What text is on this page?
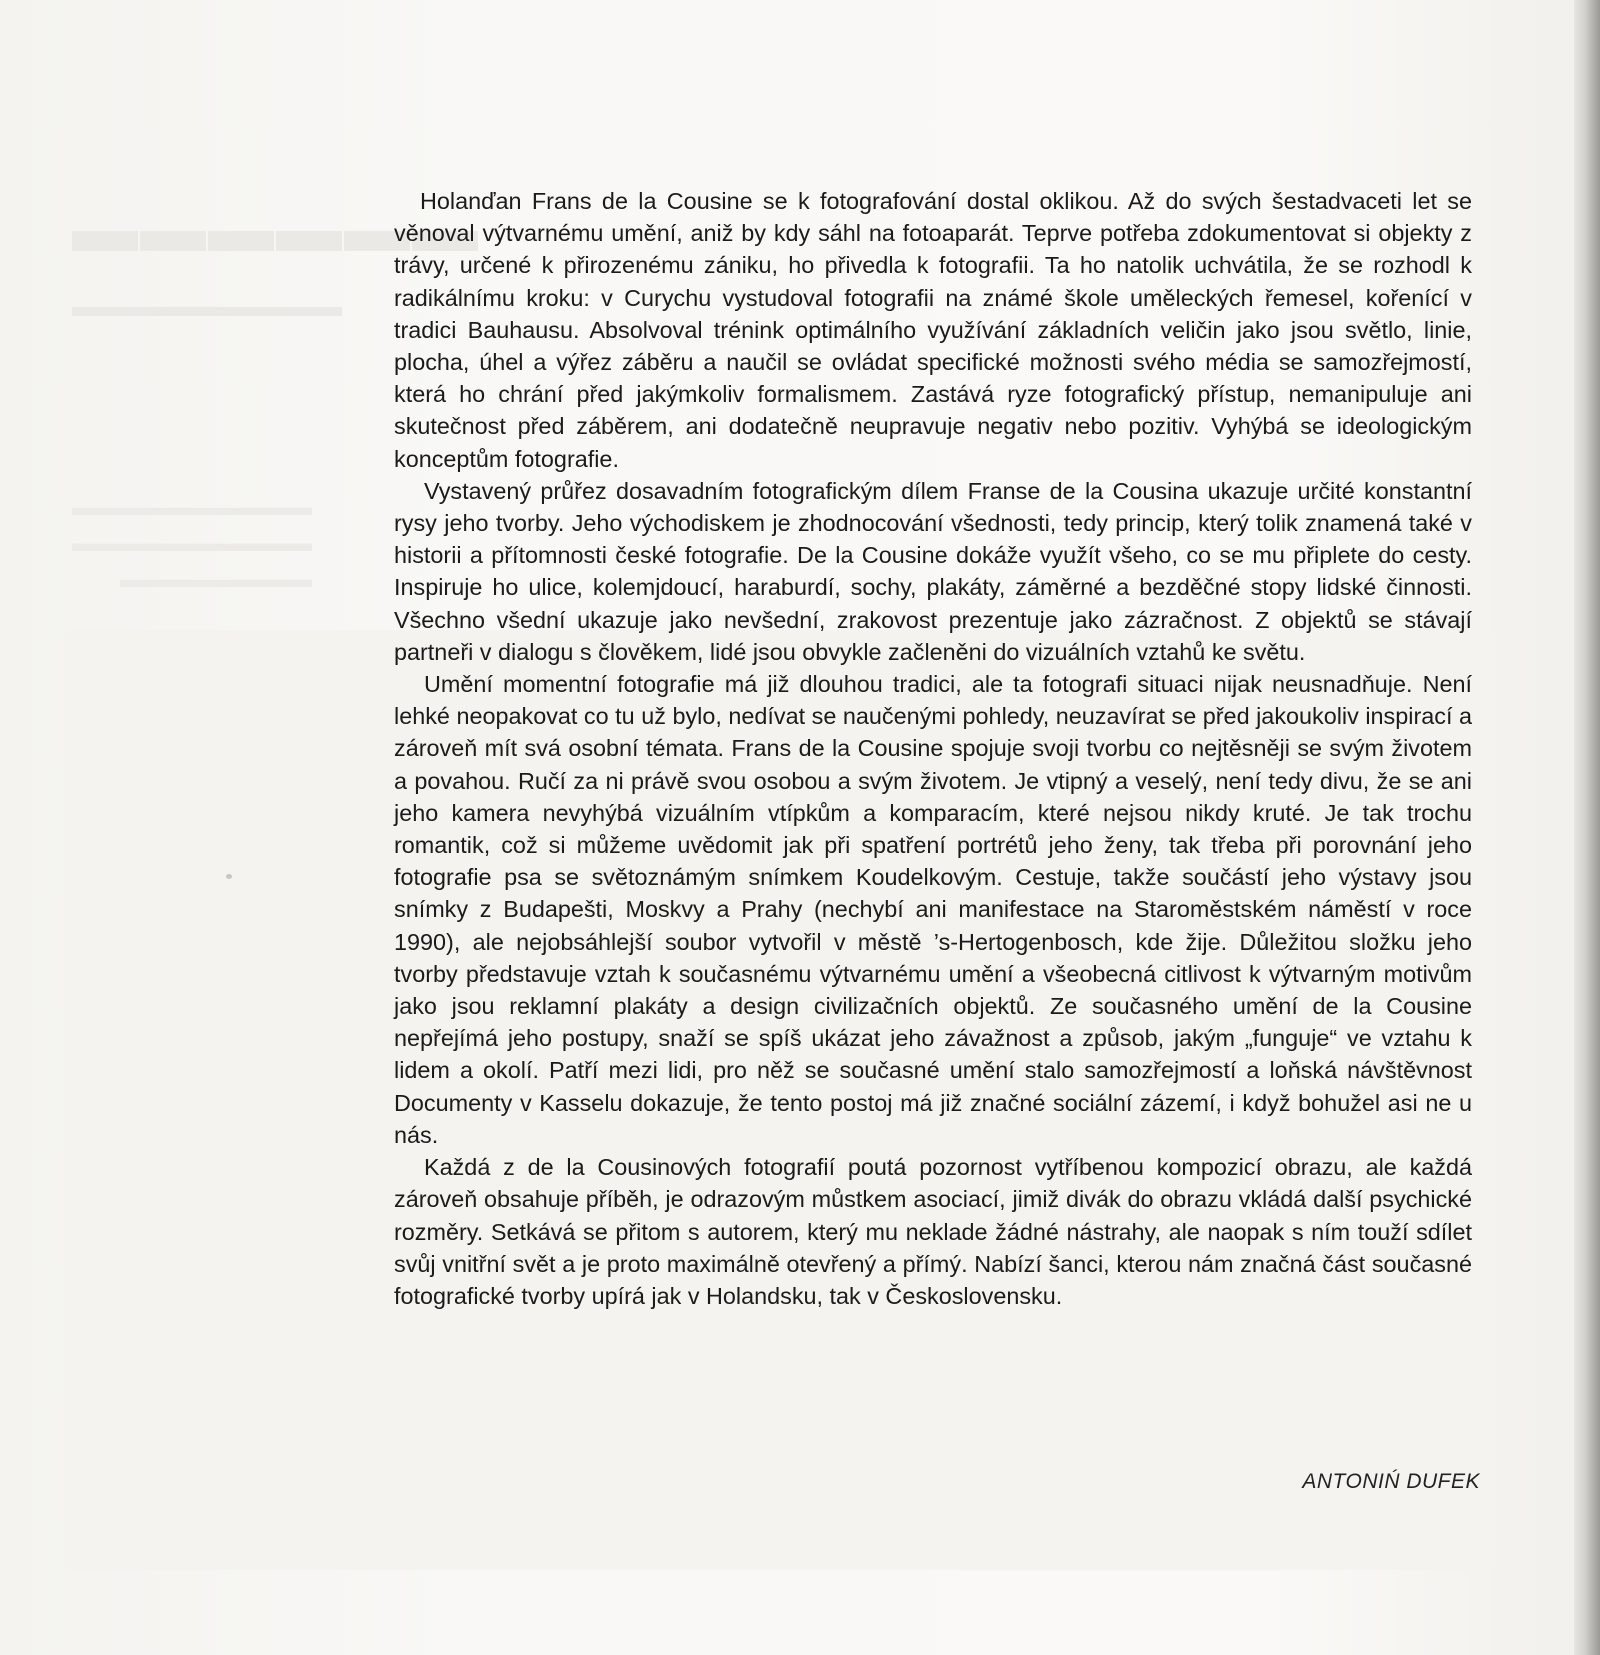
▬▬▬▬▬▬
▬▬▬▬▬▬▬▬▬
▬▬▬▬▬▬▬▬▬▬
▬▬▬▬▬▬▬▬▬▬
▬▬▬▬▬▬▬▬

Holanďan Frans de la Cousine se k fotografování dostal oklikou. Až do svých šestadvaceti let se věnoval výtvarnému umění, aniž by kdy sáhl na fotoaparát. Teprve potřeba zdokumentovat si objekty z trávy, určené k přirozenému zániku, ho přivedla k fotografii. Ta ho natolik uchvátila, že se rozhodl k radikálnímu kroku: v Curychu vystudoval fotografii na známé škole uměleckých řemesel, kořenící v tradici Bauhausu. Absolvoval trénink optimálního využívání základních veličin jako jsou světlo, linie, plocha, úhel a výřez záběru a naučil se ovládat specifické možnosti svého média se samozřejmostí, která ho chrání před jakýmkoliv formalismem. Zastává ryze fotografický přístup, nemanipuluje ani skutečnost před záběrem, ani dodatečně neupravuje negativ nebo pozitiv. Vyhýbá se ideologickým konceptům fotografie.

Vystavený průřez dosavadním fotografickým dílem Franse de la Cousina ukazuje určité konstantní rysy jeho tvorby. Jeho východiskem je zhodnocování všednosti, tedy princip, který tolik znamená také v historii a přítomnosti české fotografie. De la Cousine dokáže využít všeho, co se mu připlete do cesty. Inspiruje ho ulice, kolemjdoucí, haraburdí, sochy, plakáty, záměrné a bezděčné stopy lidské činnosti. Všechno všední ukazuje jako nevšední, zrakovost prezentuje jako zázračnost. Z objektů se stávají partneři v dialogu s člověkem, lidé jsou obvykle začleněni do vizuálních vztahů ke světu.

Umění momentní fotografie má již dlouhou tradici, ale ta fotografi situaci nijak neusnadňuje. Není lehké neopakovat co tu už bylo, nedívat se naučenými pohledy, neuzavírat se před jakoukoliv inspirací a zároveň mít svá osobní témata. Frans de la Cousine spojuje svoji tvorbu co nejtěsněji se svým životem a povahou. Ručí za ni právě svou osobou a svým životem. Je vtipný a veselý, není tedy divu, že se ani jeho kamera nevyhýbá vizuálním vtípkům a komparacím, které nejsou nikdy kruté. Je tak trochu romantik, což si můžeme uvědomit jak při spatření portrétů jeho ženy, tak třeba při porovnání jeho fotografie psa se světoznámým snímkem Koudelkovým. Cestuje, takže součástí jeho výstavy jsou snímky z Budapešti, Moskvy a Prahy (nechybí ani manifestace na Staroměstském náměstí v roce 1990), ale nejobsáhlejší soubor vytvořil v městě ’s-Hertogenbosch, kde žije. Důležitou složku jeho tvorby představuje vztah k současnému výtvarnému umění a všeobecná citlivost k výtvarným motivům jako jsou reklamní plakáty a design civilizačních objektů. Ze současného umění de la Cousine nepřejímá jeho postupy, snaží se spíš ukázat jeho závažnost a způsob, jakým „funguje“ ve vztahu k lidem a okolí. Patří mezi lidi, pro něž se současné umění stalo samozřejmostí a loňská návštěvnost Documenty v Kasselu dokazuje, že tento postoj má již značné sociální zázemí, i když bohužel asi ne u nás.

Každá z de la Cousinových fotografií poutá pozornost vytříbenou kompozicí obrazu, ale každá zároveň obsahuje příběh, je odrazovým můstkem asociací, jimiž divák do obrazu vkládá další psychické rozměry. Setkává se přitom s autorem, který mu neklade žádné nástrahy, ale naopak s ním touží sdílet svůj vnitřní svět a je proto maximálně otevřený a přímý. Nabízí šanci, kterou nám značná část současné fotografické tvorby upírá jak v Holandsku, tak v Československu.

ANTONIŃ DUFEK
